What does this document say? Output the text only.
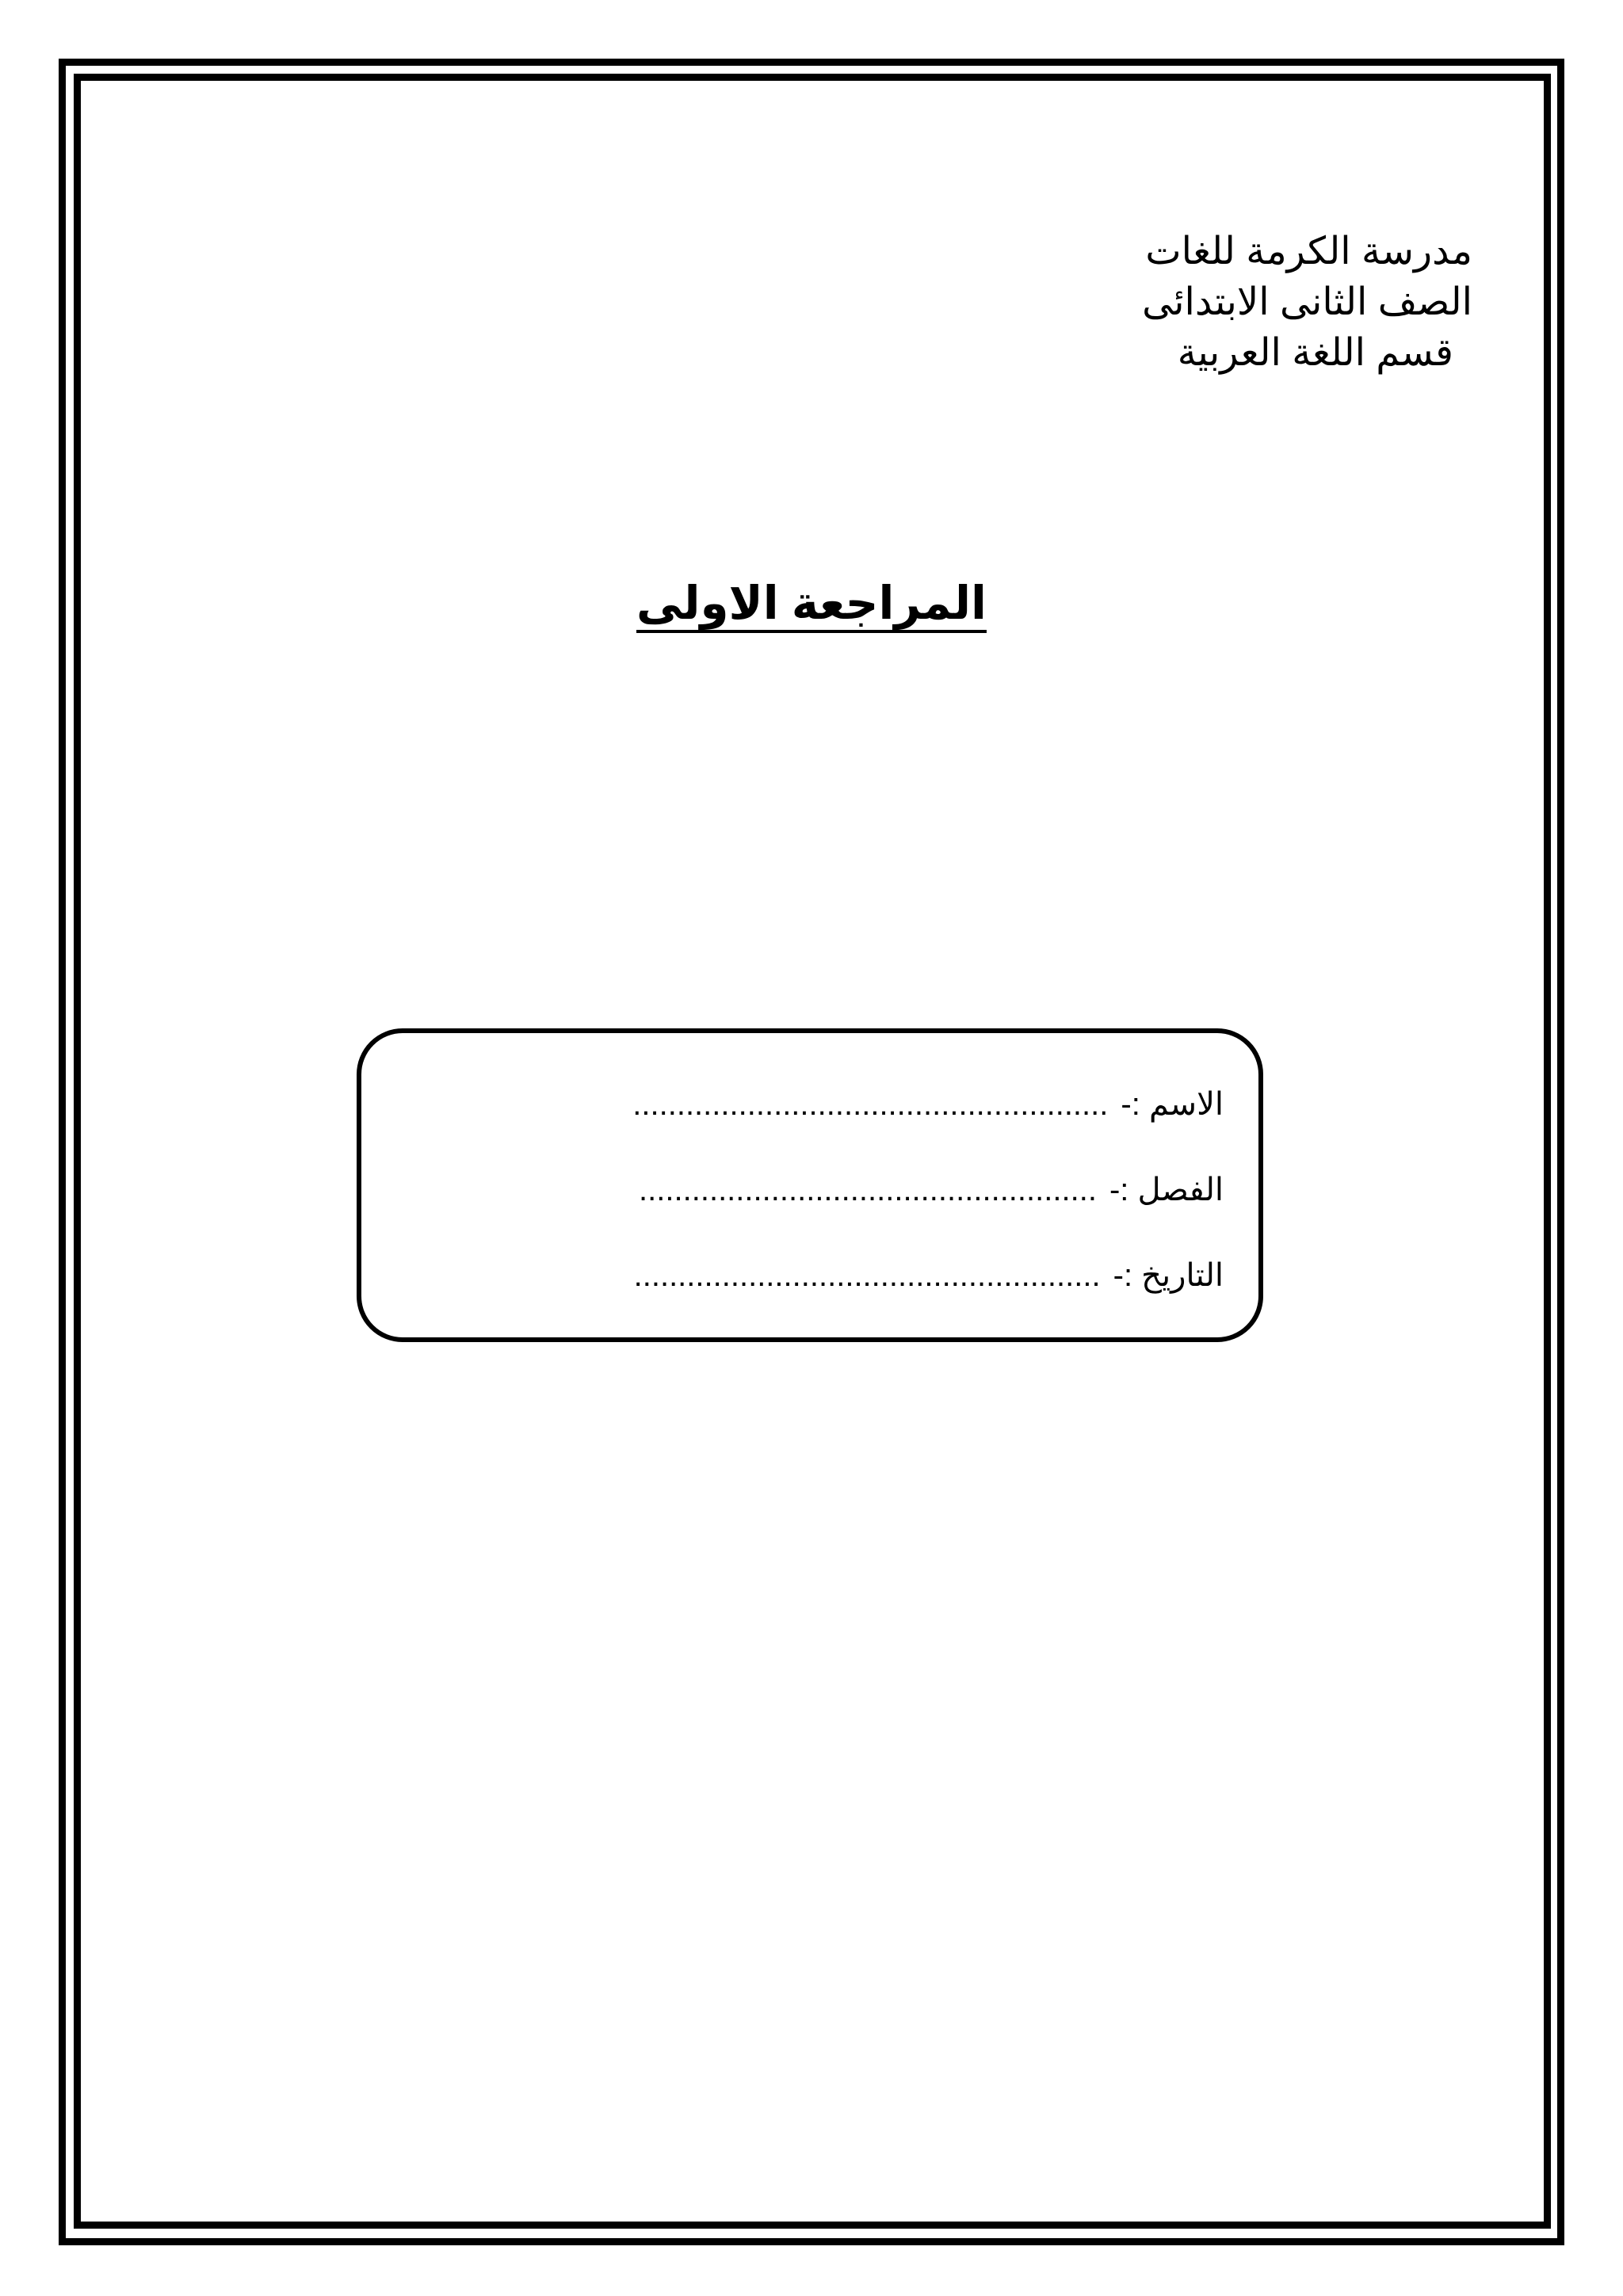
مدرسة الكرمة للغات
الصف الثانى الابتدائى
قسم اللغة العربية
المراجعة الاولى
الاسم :-......................................................
الفصل :-....................................................
التاريخ :-.....................................................
